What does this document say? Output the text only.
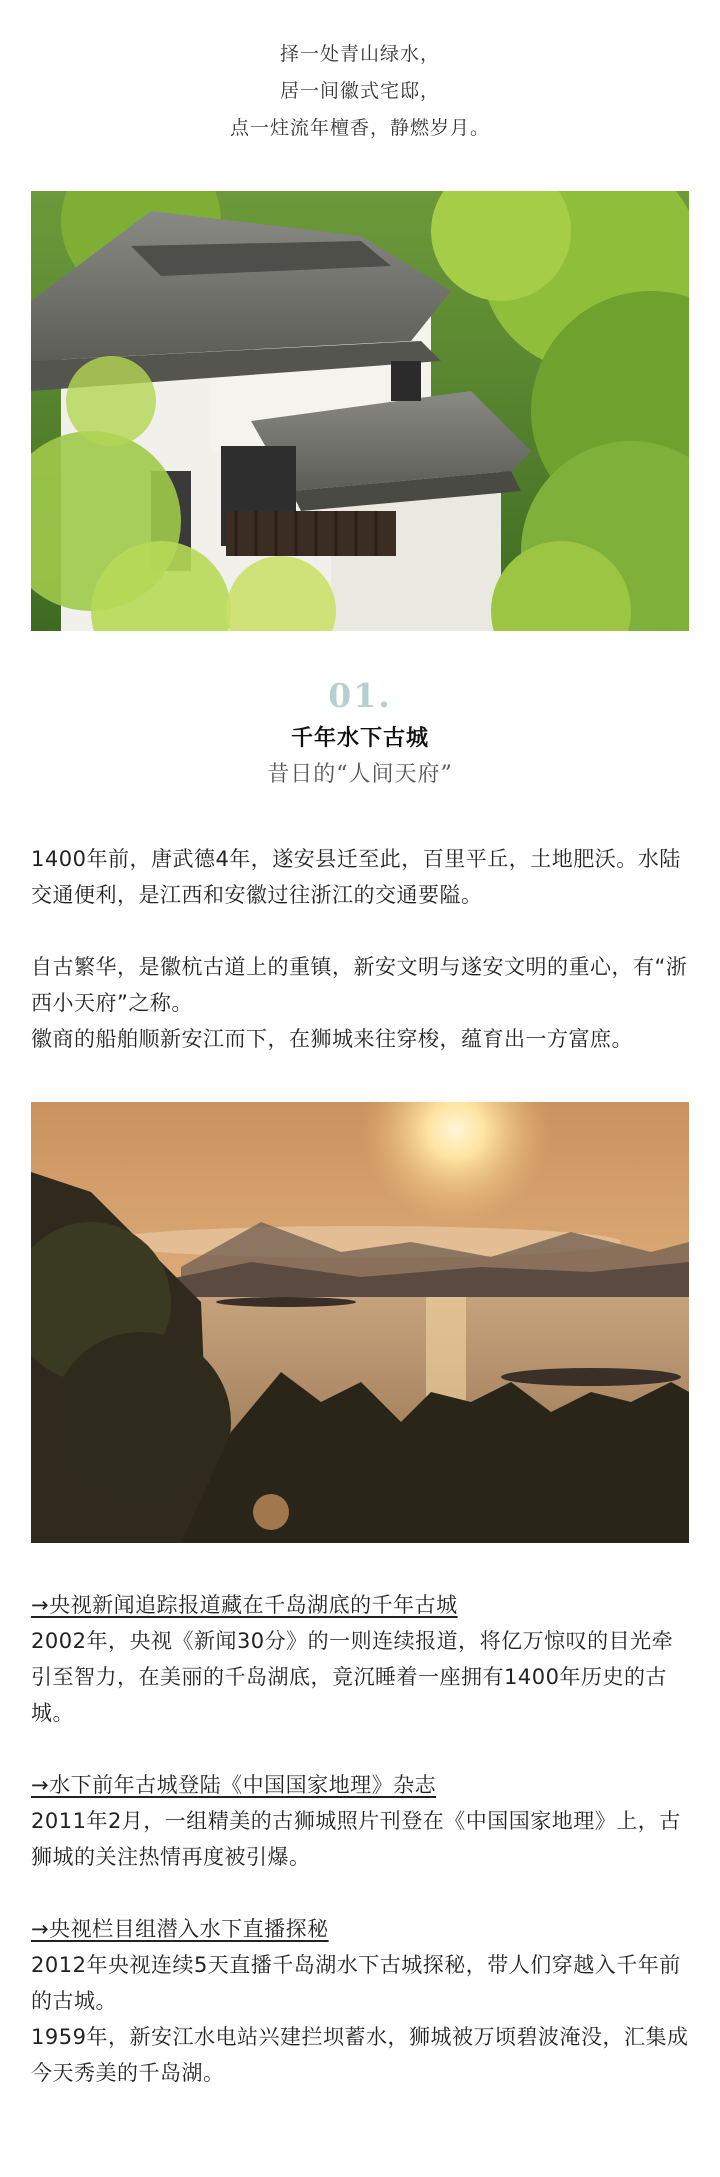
择一处青山绿水，

居一间徽式宅邸，

点一炷流年檀香，静燃岁月。

01.
千年水下古城
昔日的“人间天府”

1400年前，唐武德4年，遂安县迁至此，百里平丘，土地肥沃。水陆交通便利，是江西和安徽过往浙江的交通要隘。

自古繁华，是徽杭古道上的重镇，新安文明与遂安文明的重心，有“浙西小天府”之称。

徽商的船舶顺新安江而下，在狮城来往穿梭，蕴育出一方富庶。

→央视新闻追踪报道藏在千岛湖底的千年古城

2002年，央视《新闻30分》的一则连续报道，将亿万惊叹的目光牵引至智力，在美丽的千岛湖底，竟沉睡着一座拥有1400年历史的古城。

→水下前年古城登陆《中国国家地理》杂志

2011年2月，一组精美的古狮城照片刊登在《中国国家地理》上，古狮城的关注热情再度被引爆。

→央视栏目组潜入水下直播探秘

2012年央视连续5天直播千岛湖水下古城探秘，带人们穿越入千年前的古城。

1959年，新安江水电站兴建拦坝蓄水，狮城被万顷碧波淹没，汇集成今天秀美的千岛湖。
